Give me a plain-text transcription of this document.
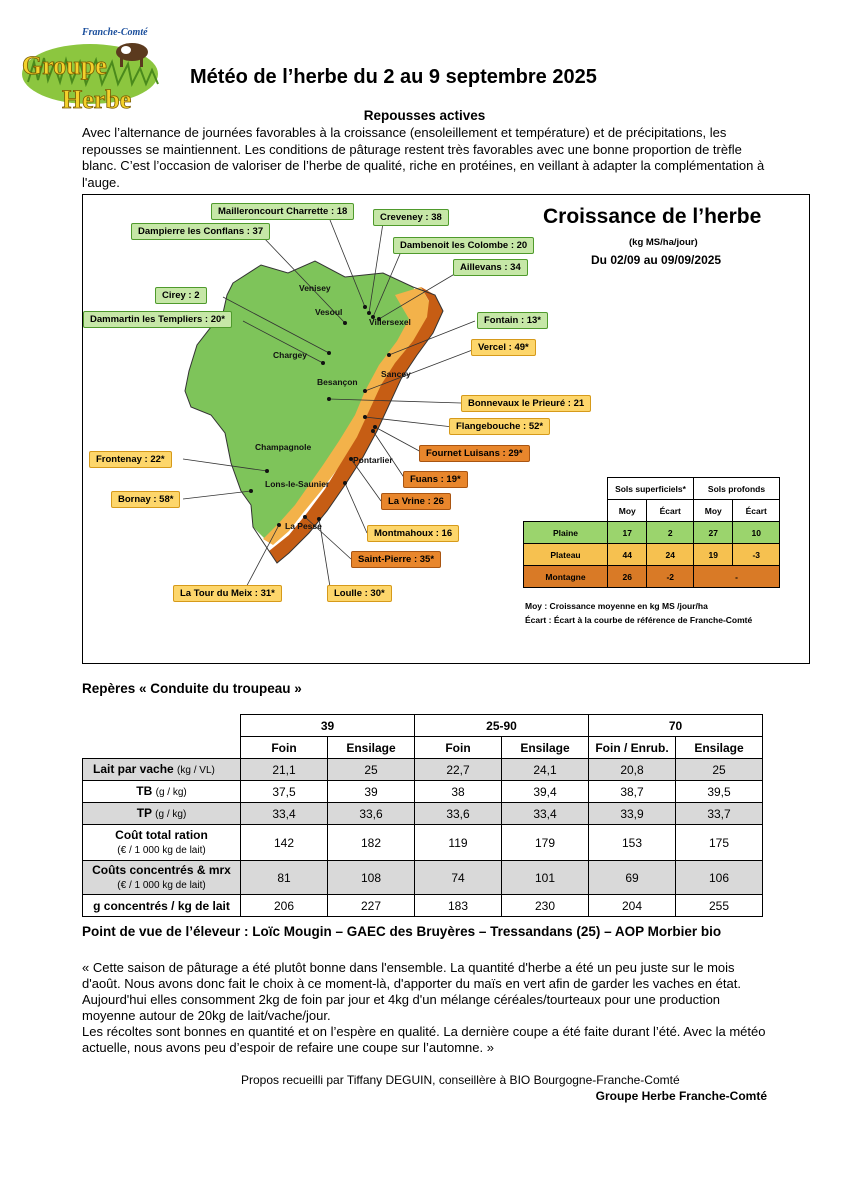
Franche-Comté
Groupe
Herbe
Météo de l’herbe du 2 au 9 septembre 2025
Repousses actives
Avec l’alternance de journées favorables à la croissance (ensoleillement et température) et de précipitations, les repousses se maintiennent. Les conditions de pâturage restent très favorables avec une bonne proportion de trèfle blanc. C’est l’occasion de valoriser de l’herbe de qualité, riche en protéines, en veillant à adapter la complémentation à l'auge.
Croissance de l’herbe
(kg MS/ha/jour)
Du 02/09 au 09/09/2025
Venisey
Vesoul
Villersexel
Chargey
Besançon
Sancey
Champagnole
Pontarlier
Lons-le-Saunier
La Pesse
Mailleroncourt Charrette : 18
Dampierre les Conflans : 37
Creveney : 38
Dambenoit les Colombe : 20
Aillevans : 34
Cirey : 2
Dammartin les Templiers : 20*	Fontain : 13*
Vercel : 49*
Bonnevaux le Prieuré : 21
Flangebouche : 52*
Fournet Luisans : 29*
Frontenay : 22*
Fuans : 19*
Bornay : 58*	La Vrine : 26
Montmahoux : 16
Saint-Pierre : 35*
La Tour du Meix : 31*	Loulle : 30*
	Sols superficiels*		Sols profonds	
	Moy	Écart	Moy	Écart
Plaine	17	2	27	10
Plateau	44	24	19	-3
Montagne	26	-2	-	
Moy : Croissance moyenne en kg MS /jour/ha
Écart : Écart à la courbe de référence de Franche-Comté
Repères « Conduite du troupeau »
	39		25-90		70	
	Foin	Ensilage	Foin	Ensilage	Foin / Enrub.	Ensilage
Lait par vache (kg / VL)	21,1	25	22,7	24,1	20,8	25
TB (g / kg)	37,5	39	38	39,4	38,7	39,5
TP (g / kg)	33,4	33,6	33,6	33,4	33,9	33,7
Coût total ration
(€ / 1 000 kg de lait)	142	182	119	179	153	175
Coûts concentrés & mrx
(€ / 1 000 kg de lait)	81	108	74	101	69	106
g concentrés / kg de lait	206	227	183	230	204	255
Point de vue de l’éleveur : Loïc Mougin – GAEC des Bruyères – Tressandans (25) – AOP Morbier bio
« Cette saison de pâturage a été plutôt bonne dans l'ensemble. La quantité d'herbe a été un peu juste sur le mois d'août. Nous avons donc fait le choix à ce moment-là, d'apporter du maïs en vert afin de garder les vaches en état. Aujourd'hui elles consomment 2kg de foin par jour et 4kg d'un mélange céréales/tourteaux pour une production moyenne autour de 20kg de lait/vache/jour.
Les récoltes sont bonnes en quantité et on l’espère en qualité. La dernière coupe a été faite durant l’été. Avec la météo actuelle, nous avons peu d’espoir de refaire une coupe sur l’automne. »
Propos recueilli par Tiffany DEGUIN, conseillère à BIO Bourgogne-Franche-Comté
Groupe Herbe Franche-Comté
